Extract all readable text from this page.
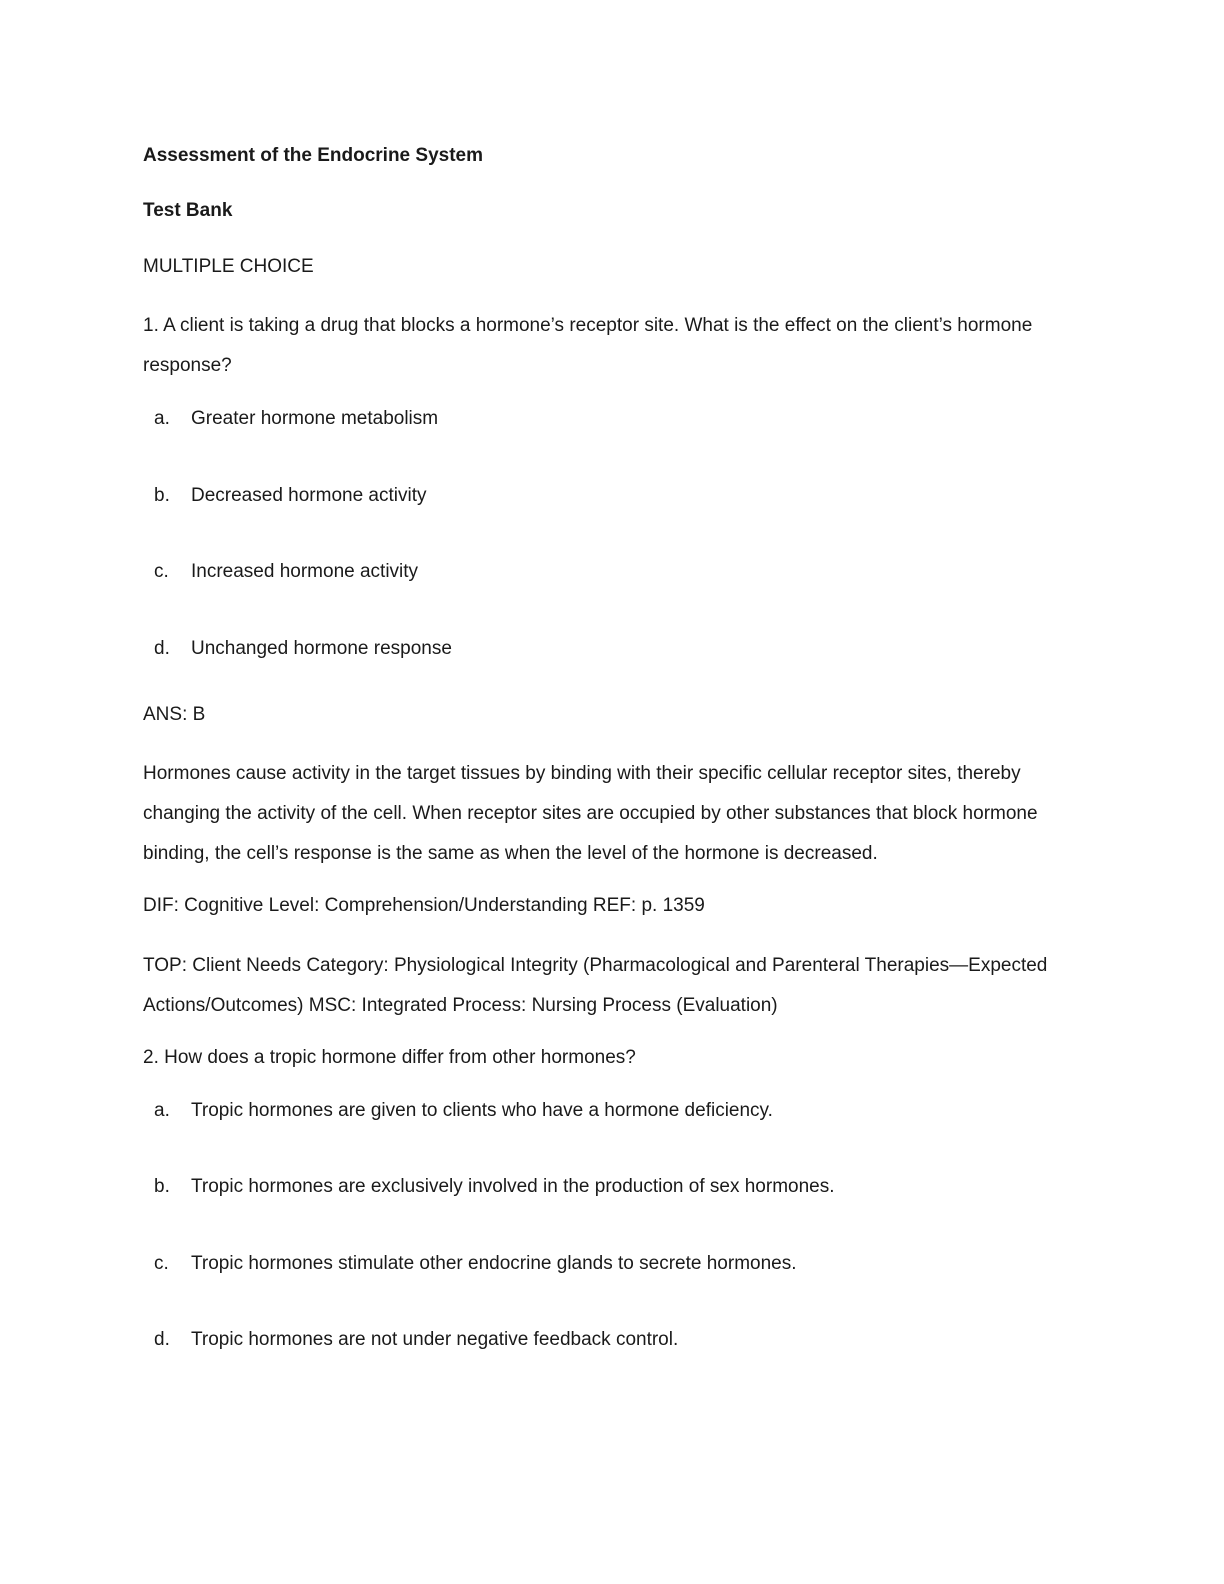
Assessment of the Endocrine System

Test Bank

MULTIPLE CHOICE

1. A client is taking a drug that blocks a hormone’s receptor site. What is the effect on the client’s hormone response?

a.	Greater hormone metabolism
b.	Decreased hormone activity
c.	Increased hormone activity
d.	Unchanged hormone response

ANS: B

Hormones cause activity in the target tissues by binding with their specific cellular receptor sites, thereby changing the activity of the cell. When receptor sites are occupied by other substances that block hormone binding, the cell’s response is the same as when the level of the hormone is decreased.

DIF: Cognitive Level: Comprehension/Understanding REF: p. 1359

TOP: Client Needs Category: Physiological Integrity (Pharmacological and Parenteral Therapies—Expected Actions/Outcomes) MSC: Integrated Process: Nursing Process (Evaluation)

2. How does a tropic hormone differ from other hormones?

a.	Tropic hormones are given to clients who have a hormone deficiency.
b.	Tropic hormones are exclusively involved in the production of sex hormones.
c.	Tropic hormones stimulate other endocrine glands to secrete hormones.
d.	Tropic hormones are not under negative feedback control.
